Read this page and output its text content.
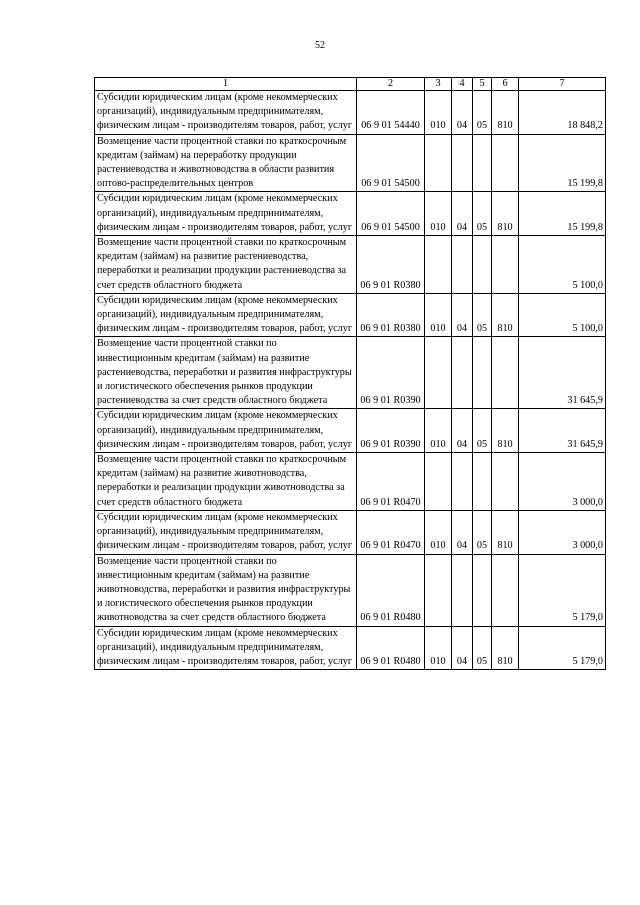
52
1	2	3	4	5	6	7
Субсидии юридическим лицам (кроме некоммерческих организаций), индивидуальным предпринимателям, физическим лицам - производителям товаров, работ, услуг	06 9 01 54440	010	04	05	810	18 848,2
Возмещение части процентной ставки по краткосрочным кредитам (займам) на переработку продукции растениеводства и животноводства в области развития оптово-распределительных центров	06 9 01 54500					15 199,8
Субсидии юридическим лицам (кроме некоммерческих организаций), индивидуальным предпринимателям, физическим лицам - производителям товаров, работ, услуг	06 9 01 54500	010	04	05	810	15 199,8
Возмещение части процентной ставки по краткосрочным кредитам (займам) на развитие растениеводства, переработки и реализации продукции растениеводства за счет средств областного бюджета	06 9 01 R0380					5 100,0
Субсидии юридическим лицам (кроме некоммерческих организаций), индивидуальным предпринимателям, физическим лицам - производителям товаров, работ, услуг	06 9 01 R0380	010	04	05	810	5 100,0
Возмещение части процентной ставки по инвестиционным кредитам (займам) на развитие растениеводства, переработки и развития инфраструктуры и логистического обеспечения рынков продукции растениеводства за счет средств областного бюджета	06 9 01 R0390					31 645,9
Субсидии юридическим лицам (кроме некоммерческих организаций), индивидуальным предпринимателям, физическим лицам - производителям товаров, работ, услуг	06 9 01 R0390	010	04	05	810	31 645,9
Возмещение части процентной ставки по краткосрочным кредитам (займам) на развитие животноводства, переработки и реализации продукции животноводства за счет средств областного бюджета	06 9 01 R0470					3 000,0
Субсидии юридическим лицам (кроме некоммерческих организаций), индивидуальным предпринимателям, физическим лицам - производителям товаров, работ, услуг	06 9 01 R0470	010	04	05	810	3 000,0
Возмещение части процентной ставки по инвестиционным кредитам (займам) на развитие животноводства, переработки и развития инфраструктуры и логистического обеспечения рынков продукции животноводства за счет средств областного бюджета	06 9 01 R0480					5 179,0
Субсидии юридическим лицам (кроме некоммерческих организаций), индивидуальным предпринимателям, физическим лицам - производителям товаров, работ, услуг	06 9 01 R0480	010	04	05	810	5 179,0
